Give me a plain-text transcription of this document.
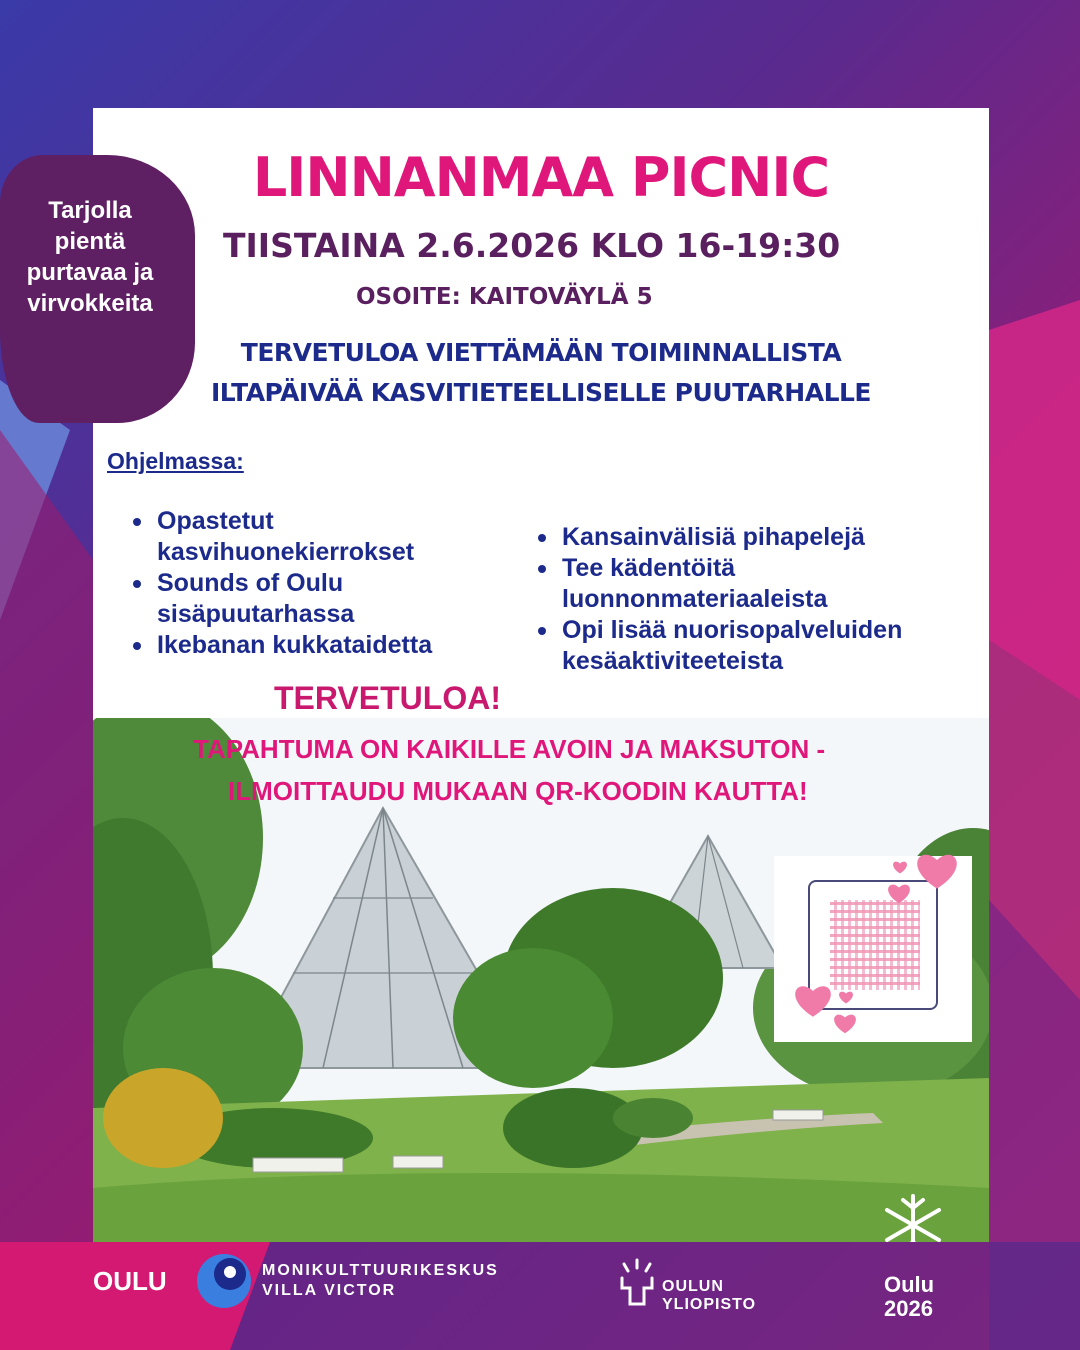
LINNANMAA PICNIC
TIISTAINA 2.6.2026 KLO 16-19:30
OSOITE: KAITOVÄYLÄ 5
TERVETULOA VIETTÄMÄÄN TOIMINNALLISTA
ILTAPÄIVÄÄ KASVITIETEELLISELLE PUUTARHALLE
Ohjelmassa:
Opastetut
kasvihuonekierrokset
Sounds of Oulu
sisäpuutarhassa
Ikebanan kukkataidetta
Kansainvälisiä pihapelejä
Tee kädentöitä
luonnonmateriaaleista
Opi lisää nuorisopalveluiden
kesäaktiviteeteista
TERVETULOA!
TAPAHTUMA ON KAIKILLE AVOIN JA MAKSUTON -
ILMOITTAUDU MUKAAN QR-KOODIN KAUTTA!
Tarjolla
pientä
purtavaa ja
virvokkeita
OULU	MONIKULTTUURIKESKUS
VILLA VICTOR	OULUN
YLIOPISTO
Oulu
2026
